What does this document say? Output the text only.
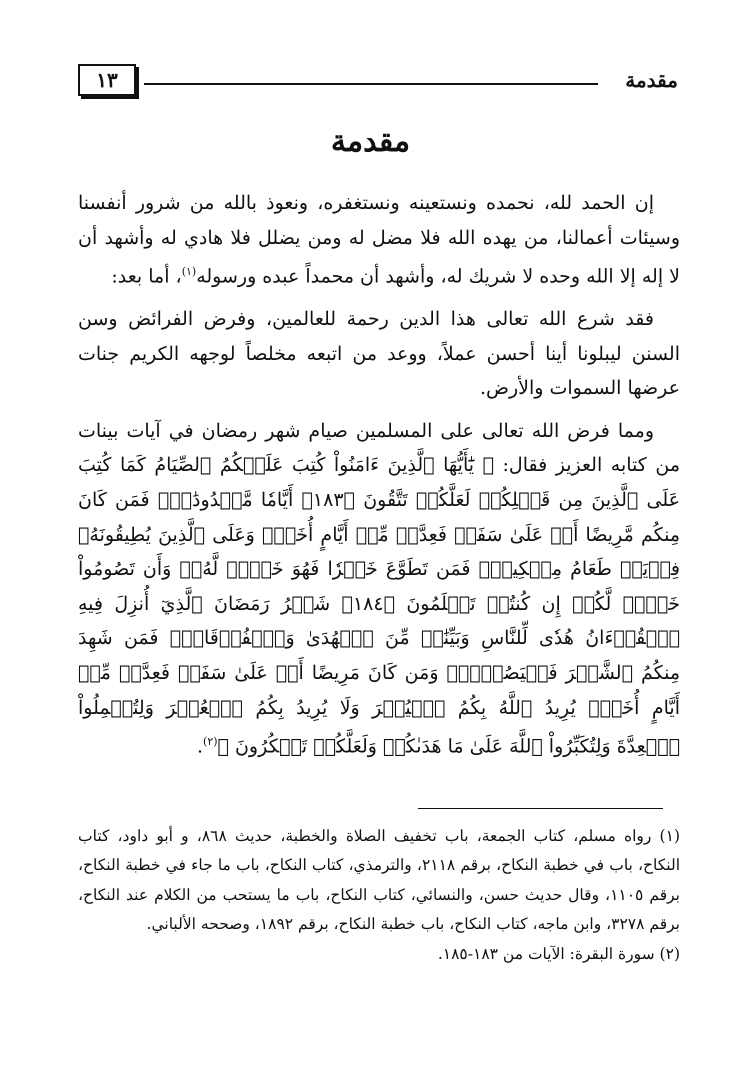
مقدمة
١٣
مقدمة

إن الحمد لله، نحمده ونستعينه ونستغفره، ونعوذ بالله من شرور أنفسنا وسيئات أعمالنا، من يهده الله فلا مضل له ومن يضلل فلا هادي له وأشهد أن لا إله إلا الله وحده لا شريك له، وأشهد أن محمداً عبده ورسوله$^{(١)}$، أما بعد:

فقد شرع الله تعالى هذا الدين رحمة للعالمين، وفرض الفرائض وسن السنن ليبلونا أينا أحسن عملاً، ووعد من اتبعه مخلصاً لوجهه الكريم جنات عرضها السموات والأرض.

ومما فرض الله تعالى على المسلمين صيام شهر رمضان في آيات بينات من كتابه العزيز فقال: ﴿ يَٰٓأَيُّهَا ٱلَّذِينَ ءَامَنُواْ كُتِبَ عَلَيۡكُمُ ٱلصِّيَامُ كَمَا كُتِبَ عَلَى ٱلَّذِينَ مِن قَبۡلِكُمۡ لَعَلَّكُمۡ تَتَّقُونَ ﴿١٨٣﴾ أَيَّامٗا مَّعۡدُودَٰتٖۚ فَمَن كَانَ مِنكُم مَّرِيضًا أَوۡ عَلَىٰ سَفَرٖ فَعِدَّةٞ مِّنۡ أَيَّامٍ أُخَرَۚ وَعَلَى ٱلَّذِينَ يُطِيقُونَهُۥ فِدۡيَةٞ طَعَامُ مِسۡكِينٖۖ فَمَن تَطَوَّعَ خَيۡرٗا فَهُوَ خَيۡرٞ لَّهُۥۚ وَأَن تَصُومُواْ خَيۡرٞ لَّكُمۡ إِن كُنتُمۡ تَعۡلَمُونَ ﴿١٨٤﴾ شَهۡرُ رَمَضَانَ ٱلَّذِيٓ أُنزِلَ فِيهِ ٱلۡقُرۡءَانُ هُدٗى لِّلنَّاسِ وَبَيِّنَٰتٖ مِّنَ ٱلۡهُدَىٰ وَٱلۡفُرۡقَانِۚ فَمَن شَهِدَ مِنكُمُ ٱلشَّهۡرَ فَلۡيَصُمۡهُۖ وَمَن كَانَ مَرِيضًا أَوۡ عَلَىٰ سَفَرٖ فَعِدَّةٞ مِّنۡ أَيَّامٍ أُخَرَۗ يُرِيدُ ٱللَّهُ بِكُمُ ٱلۡيُسۡرَ وَلَا يُرِيدُ بِكُمُ ٱلۡعُسۡرَ وَلِتُكۡمِلُواْ ٱلۡعِدَّةَ وَلِتُكَبِّرُواْ ٱللَّهَ عَلَىٰ مَا هَدَىٰكُمۡ وَلَعَلَّكُمۡ تَشۡكُرُونَ ﴾$^{(٢)}$.

(١) رواه مسلم، كتاب الجمعة، باب تخفيف الصلاة والخطبة، حديث ٨٦٨، و أبو داود، كتاب النكاح، باب في خطبة النكاح، برقم ٢١١٨، والترمذي، كتاب النكاح، باب ما جاء في خطبة النكاح، برقم ١١٠٥، وقال حديث حسن، والنسائي، كتاب النكاح، باب ما يستحب من الكلام عند النكاح، برقم ٣٢٧٨، وابن ماجه، كتاب النكاح، باب خطبة النكاح، برقم ١٨٩٢، وصححه الألباني.

(٢) سورة البقرة: الآيات من ١٨٣-١٨٥.
